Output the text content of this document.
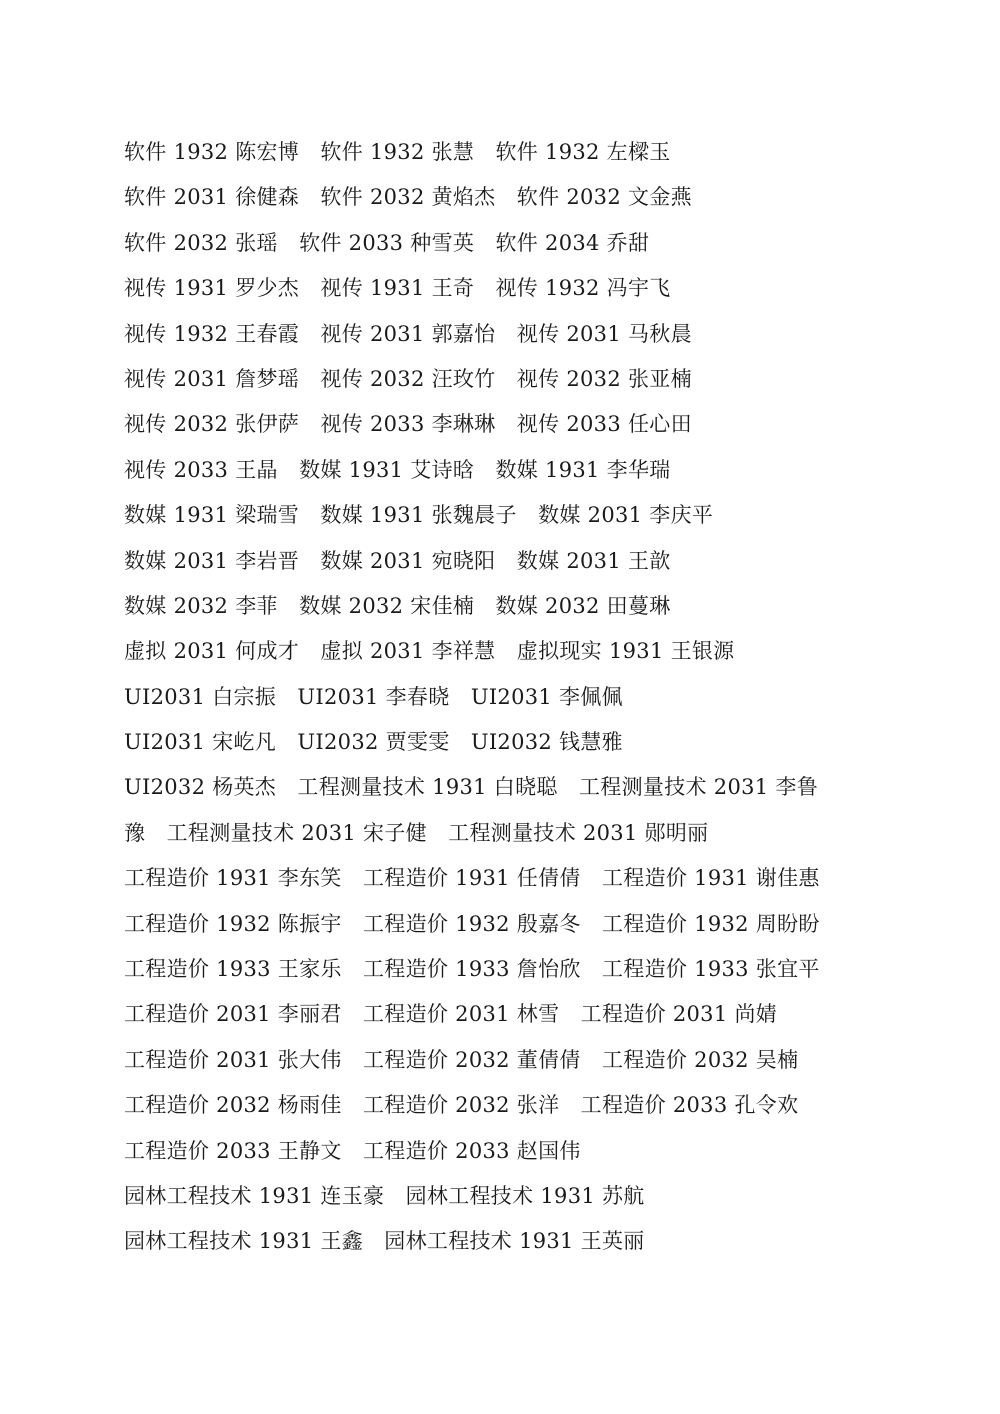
软件 1932 陈宏博　软件 1932 张慧　软件 1932 左樑玉
软件 2031 徐健森　软件 2032 黄焰杰　软件 2032 文金燕
软件 2032 张瑶　软件 2033 种雪英　软件 2034 乔甜
视传 1931 罗少杰　视传 1931 王奇　视传 1932 冯宇飞
视传 1932 王春霞　视传 2031 郭嘉怡　视传 2031 马秋晨
视传 2031 詹梦瑶　视传 2032 汪玫竹　视传 2032 张亚楠
视传 2032 张伊萨　视传 2033 李琳琳　视传 2033 任心田
视传 2033 王晶　数媒 1931 艾诗晗　数媒 1931 李华瑞
数媒 1931 梁瑞雪　数媒 1931 张魏晨子　数媒 2031 李庆平
数媒 2031 李岩晋　数媒 2031 宛晓阳　数媒 2031 王歆
数媒 2032 李菲　数媒 2032 宋佳楠　数媒 2032 田蔓琳
虚拟 2031 何成才　虚拟 2031 李祥慧　虚拟现实 1931 王银源
UI2031 白宗振　UI2031 李春晓　UI2031 李佩佩
UI2031 宋屹凡　UI2032 贾雯雯　UI2032 钱慧雅
UI2032 杨英杰　工程测量技术 1931 白晓聪　工程测量技术 2031 李鲁
豫　工程测量技术 2031 宋子健　工程测量技术 2031 郧明丽
工程造价 1931 李东笑　工程造价 1931 任倩倩　工程造价 1931 谢佳惠
工程造价 1932 陈振宇　工程造价 1932 殷嘉冬　工程造价 1932 周盼盼
工程造价 1933 王家乐　工程造价 1933 詹怡欣　工程造价 1933 张宜平
工程造价 2031 李丽君　工程造价 2031 林雪　工程造价 2031 尚婧
工程造价 2031 张大伟　工程造价 2032 董倩倩　工程造价 2032 吴楠
工程造价 2032 杨雨佳　工程造价 2032 张洋　工程造价 2033 孔令欢
工程造价 2033 王静文　工程造价 2033 赵国伟
园林工程技术 1931 连玉豪　园林工程技术 1931 苏航
园林工程技术 1931 王鑫　园林工程技术 1931 王英丽
